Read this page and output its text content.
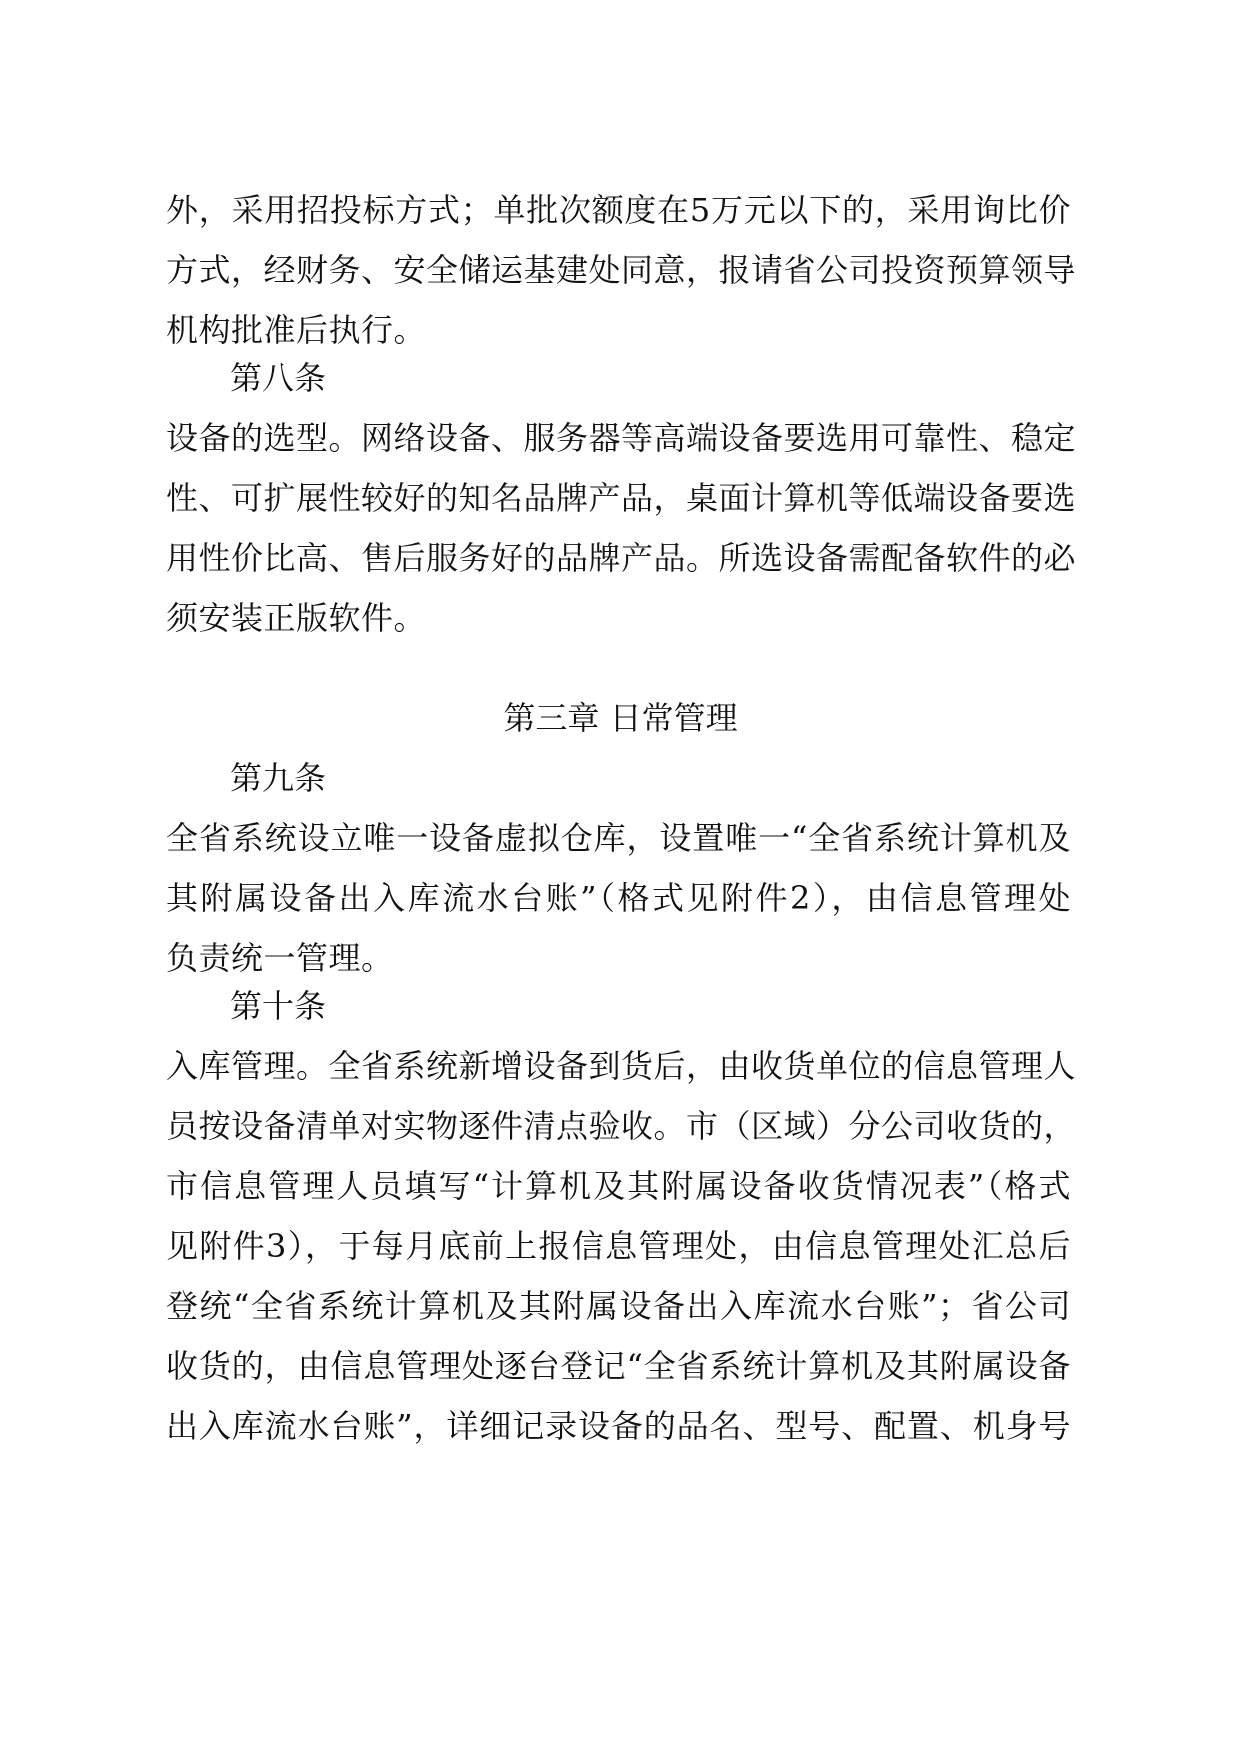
外，采用招投标方式；单批次额度在5万元以下的，采用询比价
方式，经财务、安全储运基建处同意，报请省公司投资预算领导
机构批准后执行。
第八条
设备的选型。网络设备、服务器等高端设备要选用可靠性、稳定
性、可扩展性较好的知名品牌产品，桌面计算机等低端设备要选
用性价比高、售后服务好的品牌产品。所选设备需配备软件的必
须安装正版软件。
第三章 日常管理
第九条
全省系统设立唯一设备虚拟仓库，设置唯一“全省系统计算机及
其附属设备出入库流水台账”（格式见附件2），由信息管理处
负责统一管理。
第十条
入库管理。全省系统新增设备到货后，由收货单位的信息管理人
员按设备清单对实物逐件清点验收。市（区域）分公司收货的，
市信息管理人员填写“计算机及其附属设备收货情况表”（格式
见附件3），于每月底前上报信息管理处，由信息管理处汇总后
登统“全省系统计算机及其附属设备出入库流水台账”；省公司
收货的，由信息管理处逐台登记“全省系统计算机及其附属设备
出入库流水台账”，详细记录设备的品名、型号、配置、机身号
